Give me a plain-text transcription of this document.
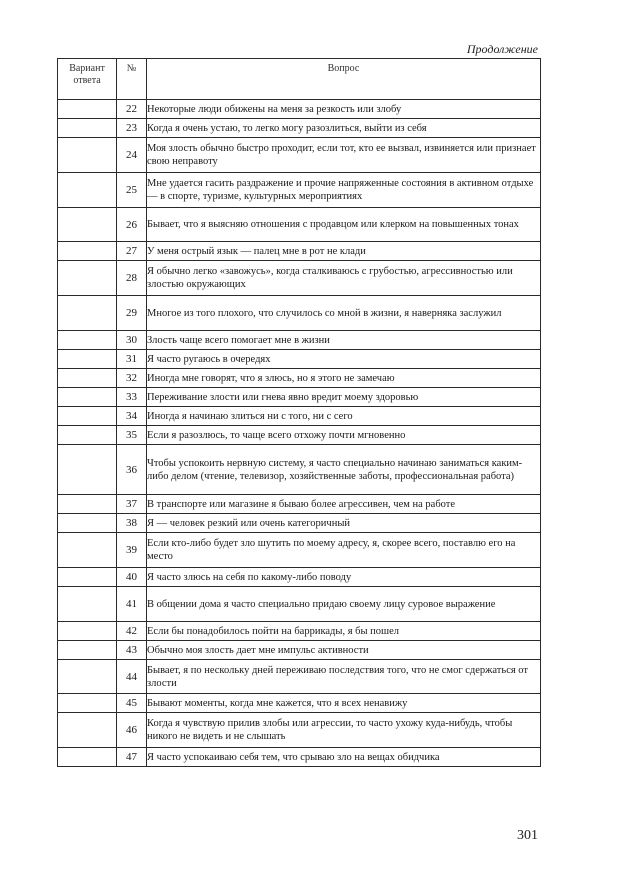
Продолжение
Вариант ответа	№	Вопрос
	22	Некоторые люди обижены на меня за резкость или злобу
	23	Когда я очень устаю, то легко могу разозлиться, выйти из себя
	24	Моя злость обычно быстро проходит, если тот, кто ее вызвал, извиняется или признает свою неправоту
	25	Мне удается гасить раздражение и прочие напряженные состояния в активном отдыхе — в спорте, туризме, культурных мероприятиях
	26	Бывает, что я выясняю отношения с продавцом или клерком на повышенных тонах
	27	У меня острый язык — палец мне в рот не клади
	28	Я обычно легко «завожусь», когда сталкиваюсь с грубостью, агрессивностью или злостью окружающих
	29	Многое из того плохого, что случилось со мной в жизни, я наверняка заслужил
	30	Злость чаще всего помогает мне в жизни
	31	Я часто ругаюсь в очередях
	32	Иногда мне говорят, что я злюсь, но я этого не замечаю
	33	Переживание злости или гнева явно вредит моему здоровью
	34	Иногда я начинаю злиться ни с того, ни с сего
	35	Если я разозлюсь, то чаще всего отхожу почти мгновенно
	36	Чтобы успокоить нервную систему, я часто специально начинаю заниматься каким-либо делом (чтение, телевизор, хозяйственные заботы, профессиональная работа)
	37	В транспорте или магазине я бываю более агрессивен, чем на работе
	38	Я — человек резкий или очень категоричный
	39	Если кто-либо будет зло шутить по моему адресу, я, скорее всего, поставлю его на место
	40	Я часто злюсь на себя по какому-либо поводу
	41	В общении дома я часто специально придаю своему лицу суровое выражение
	42	Если бы понадобилось пойти на баррикады, я бы пошел
	43	Обычно моя злость дает мне импульс активности
	44	Бывает, я по нескольку дней переживаю последствия того, что не смог сдержаться от злости
	45	Бывают моменты, когда мне кажется, что я всех ненавижу
	46	Когда я чувствую прилив злобы или агрессии, то часто ухожу куда-нибудь, чтобы никого не видеть и не слышать
	47	Я часто успокаиваю себя тем, что срываю зло на вещах обидчика
301
